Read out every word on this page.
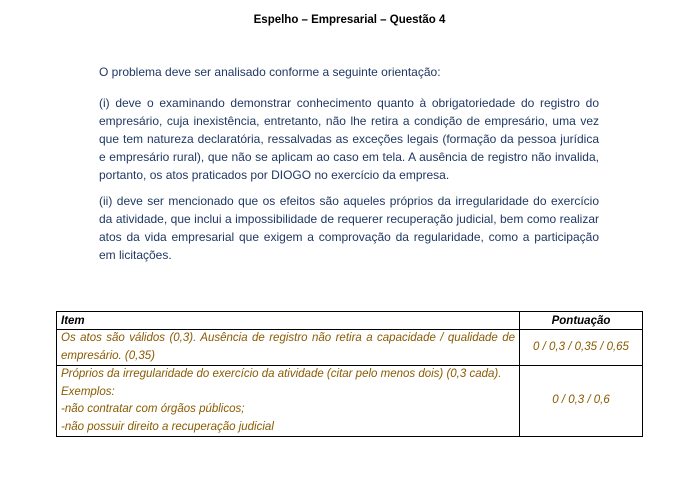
Espelho – Empresarial – Questão 4

O problema deve ser analisado conforme a seguinte orientação:

(i) deve o examinando demonstrar conhecimento quanto à obrigatoriedade do registro do empresário, cuja inexistência, entretanto, não lhe retira a condição de empresário, uma vez que tem natureza declaratória, ressalvadas as exceções legais (formação da pessoa jurídica e empresário rural), que não se aplicam ao caso em tela. A ausência de registro não invalida, portanto, os atos praticados por DIOGO no exercício da empresa.

(ii) deve ser mencionado que os efeitos são aqueles próprios da irregularidade do exercício da atividade, que inclui a impossibilidade de requerer recuperação judicial, bem como realizar atos da vida empresarial que exigem a comprovação da regularidade, como a participação em licitações.

Item	Pontuação
Os atos são válidos (0,3). Ausência de registro não retira a capacidade / qualidade de empresário. (0,35)	0 / 0,3 / 0,35 / 0,65

Próprios da irregularidade do exercício da atividade (citar pelo menos dois) (0,3 cada).
Exemplos:
-não contratar com órgãos públicos;
-não possuir direito a recuperação judicial	0 / 0,3 / 0,6
